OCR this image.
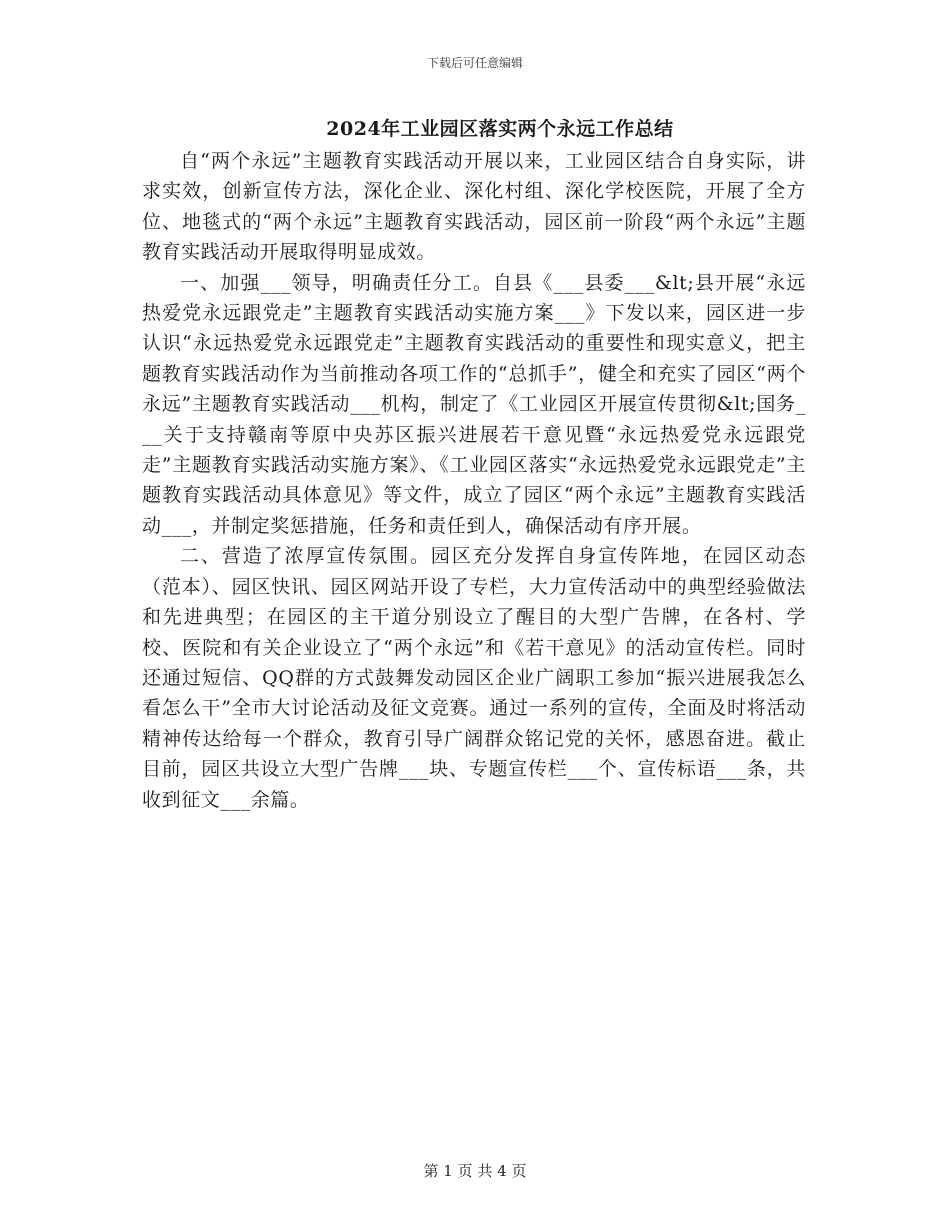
下载后可任意编辑
2024年工业园区落实两个永远工作总结

自“两个永远”主题教育实践活动开展以来，工业园区结合自身实际，讲求实效，创新宣传方法，深化企业、深化村组、深化学校医院，开展了全方位、地毯式的“两个永远”主题教育实践活动，园区前一阶段“两个永远”主题教育实践活动开展取得明显成效。

一、加强___领导，明确责任分工。自县《___县委___&lt;县开展“永远热爱党永远跟党走”主题教育实践活动实施方案___》下发以来，园区进一步认识“永远热爱党永远跟党走”主题教育实践活动的重要性和现实意义，把主题教育实践活动作为当前推动各项工作的“总抓手”，健全和充实了园区“两个永远”主题教育实践活动___机构，制定了《工业园区开展宣传贯彻&lt;国务___关于支持赣南等原中央苏区振兴进展若干意见暨“永远热爱党永远跟党走”主题教育实践活动实施方案》、《工业园区落实“永远热爱党永远跟党走”主题教育实践活动具体意见》等文件，成立了园区“两个永远”主题教育实践活动___，并制定奖惩措施，任务和责任到人，确保活动有序开展。

二、营造了浓厚宣传氛围。园区充分发挥自身宣传阵地，在园区动态（范本）、园区快讯、园区网站开设了专栏，大力宣传活动中的典型经验做法和先进典型；在园区的主干道分别设立了醒目的大型广告牌，在各村、学校、医院和有关企业设立了“两个永远”和《若干意见》的活动宣传栏。同时还通过短信、QQ群的方式鼓舞发动园区企业广阔职工参加“振兴进展我怎么看怎么干”全市大讨论活动及征文竞赛。通过一系列的宣传，全面及时将活动精神传达给每一个群众，教育引导广阔群众铭记党的关怀，感恩奋进。截止目前，园区共设立大型广告牌___块、专题宣传栏___个、宣传标语___条，共收到征文___余篇。

第 1 页 共 4 页
